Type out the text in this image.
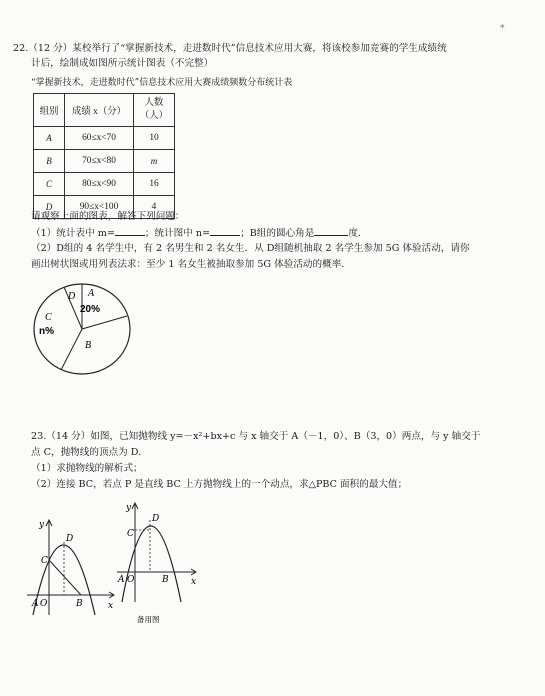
*
22.（12 分）某校举行了“掌握新技术，走进数时代”信息技术应用大赛，将该校参加竞赛的学生成绩统
计后，绘制成如图所示统计图表（不完整）
“掌握新技术，走进数时代”信息技术应用大赛成绩频数分布统计表
组别	成绩 x（分）	人数（人）
A	60≤x<70	10
B	70≤x<80	m
C	80≤x<90	16
D	90≤x<100	4
请观察上面的图表，解答下列问题：
（1）统计表中 m=	；统计图中 n=	；B组的圆心角是	度.
（2）D组的 4 名学生中，有 2 名男生和 2 名女生．从 D组随机抽取 2 名学生参加 5G 体验活动，请你
画出树状图或用列表法求：至少 1 名女生被抽取参加 5G 体验活动的概率.
D A
20%
C
n%
B
23.（14 分）如图，已知抛物线 y=－x²+bx+c 与 x 轴交于 A（－1，0）、B（3，0）两点，与 y 轴交于
点 C，抛物线的顶点为 D.
（1）求抛物线的解析式；
（2）连接 BC，若点 P 是直线 BC 上方抛物线上的一个动点，求△PBC 面积的最大值；
y
x
C
D
A O	B
y
x
C
D
A O	B
备用图
